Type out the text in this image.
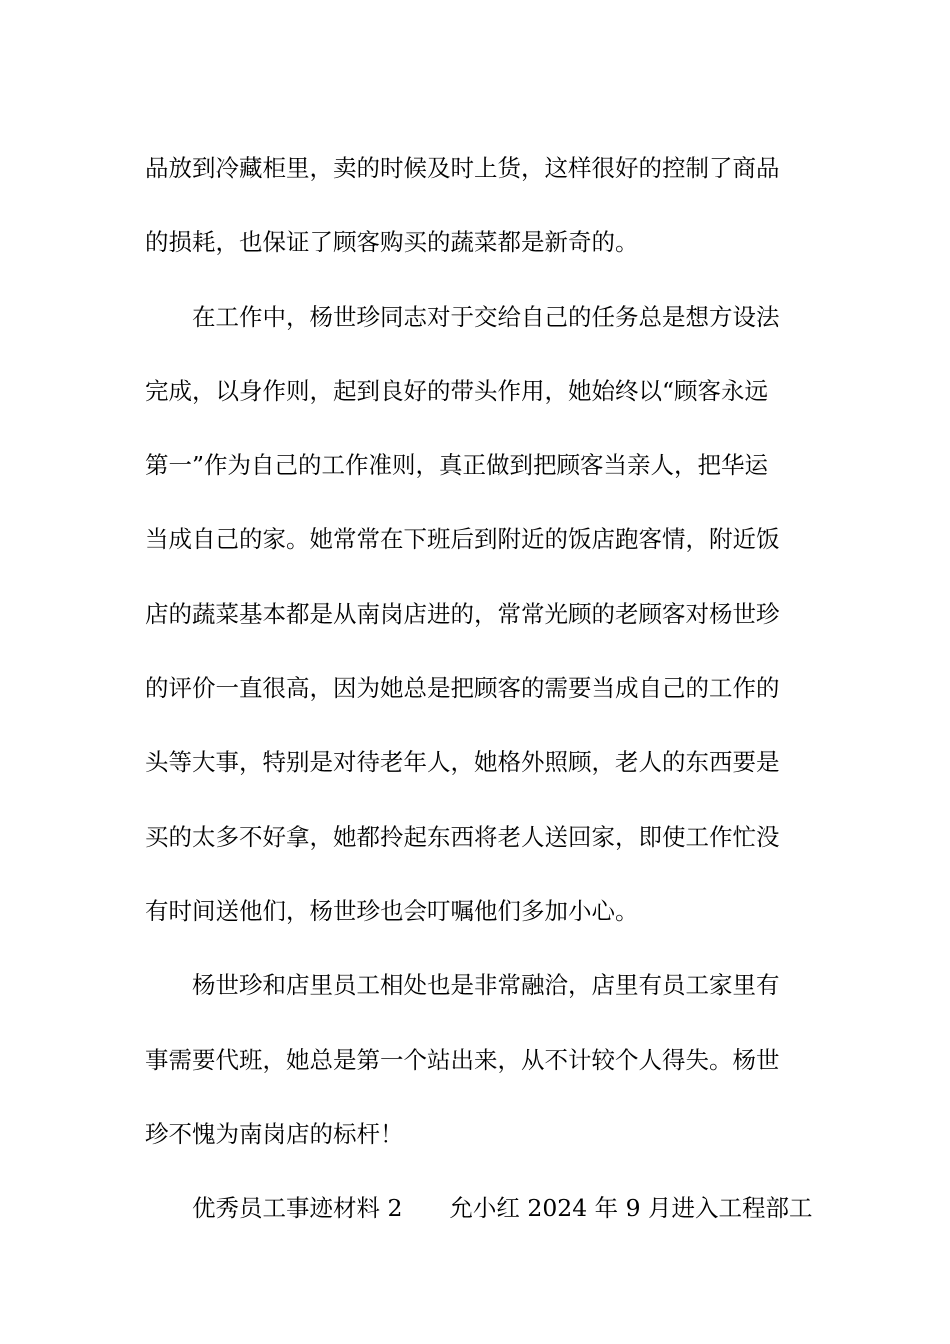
品放到冷藏柜里，卖的时候及时上货，这样很好的控制了商品
的损耗，也保证了顾客购买的蔬菜都是新奇的。

在工作中，杨世珍同志对于交给自己的任务总是想方设法
完成，以身作则，起到良好的带头作用，她始终以“顾客永远
第一”作为自己的工作准则，真正做到把顾客当亲人，把华运
当成自己的家。她常常在下班后到附近的饭店跑客情，附近饭
店的蔬菜基本都是从南岗店进的，常常光顾的老顾客对杨世珍
的评价一直很高，因为她总是把顾客的需要当成自己的工作的
头等大事，特别是对待老年人，她格外照顾，老人的东西要是
买的太多不好拿，她都拎起东西将老人送回家，即使工作忙没
有时间送他们，杨世珍也会叮嘱他们多加小心。

杨世珍和店里员工相处也是非常融洽，店里有员工家里有
事需要代班，她总是第一个站出来，从不计较个人得失。杨世
珍不愧为南岗店的标杆！

优秀员工事迹材料 2　　允小红 2024 年 9 月进入工程部工
